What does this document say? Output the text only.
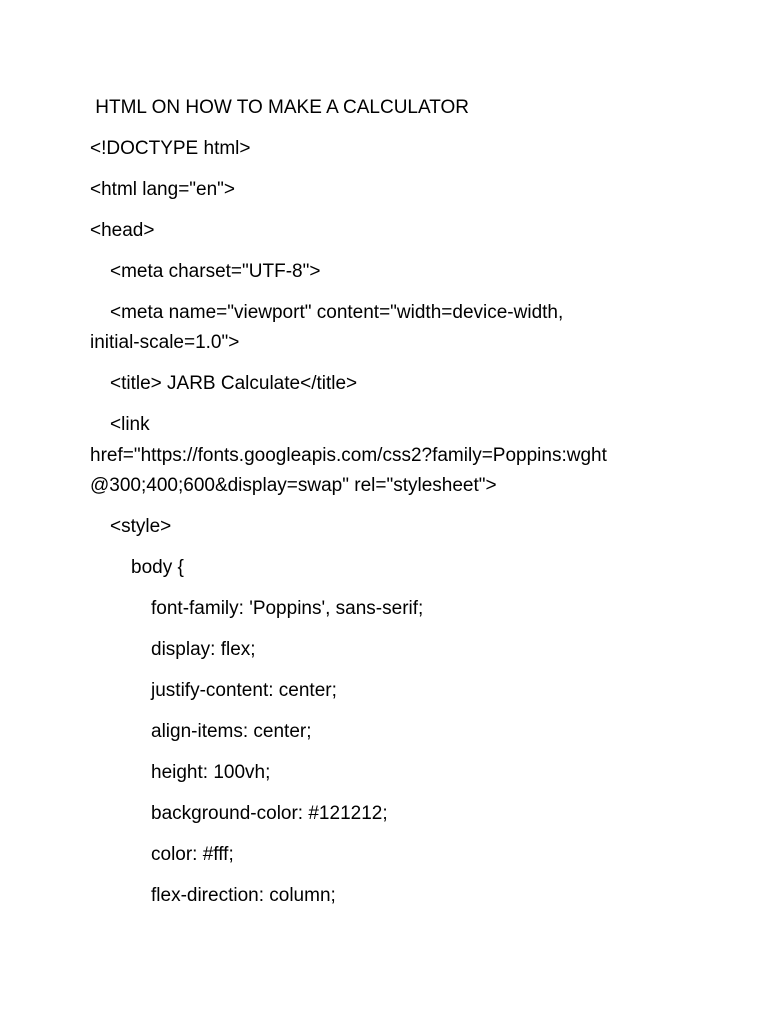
HTML ON HOW TO MAKE A CALCULATOR
<!DOCTYPE html>
<html lang="en">
<head>
<meta charset="UTF-8">
<meta name="viewport" content="width=device-width,
initial-scale=1.0">
<title> JARB Calculate</title>
<link
href="https://fonts.googleapis.com/css2?family=Poppins:wght
@300;400;600&display=swap" rel="stylesheet">
<style>
body {
font-family: 'Poppins', sans-serif;
display: flex;
justify-content: center;
align-items: center;
height: 100vh;
background-color: #121212;
color: #fff;
flex-direction: column;
